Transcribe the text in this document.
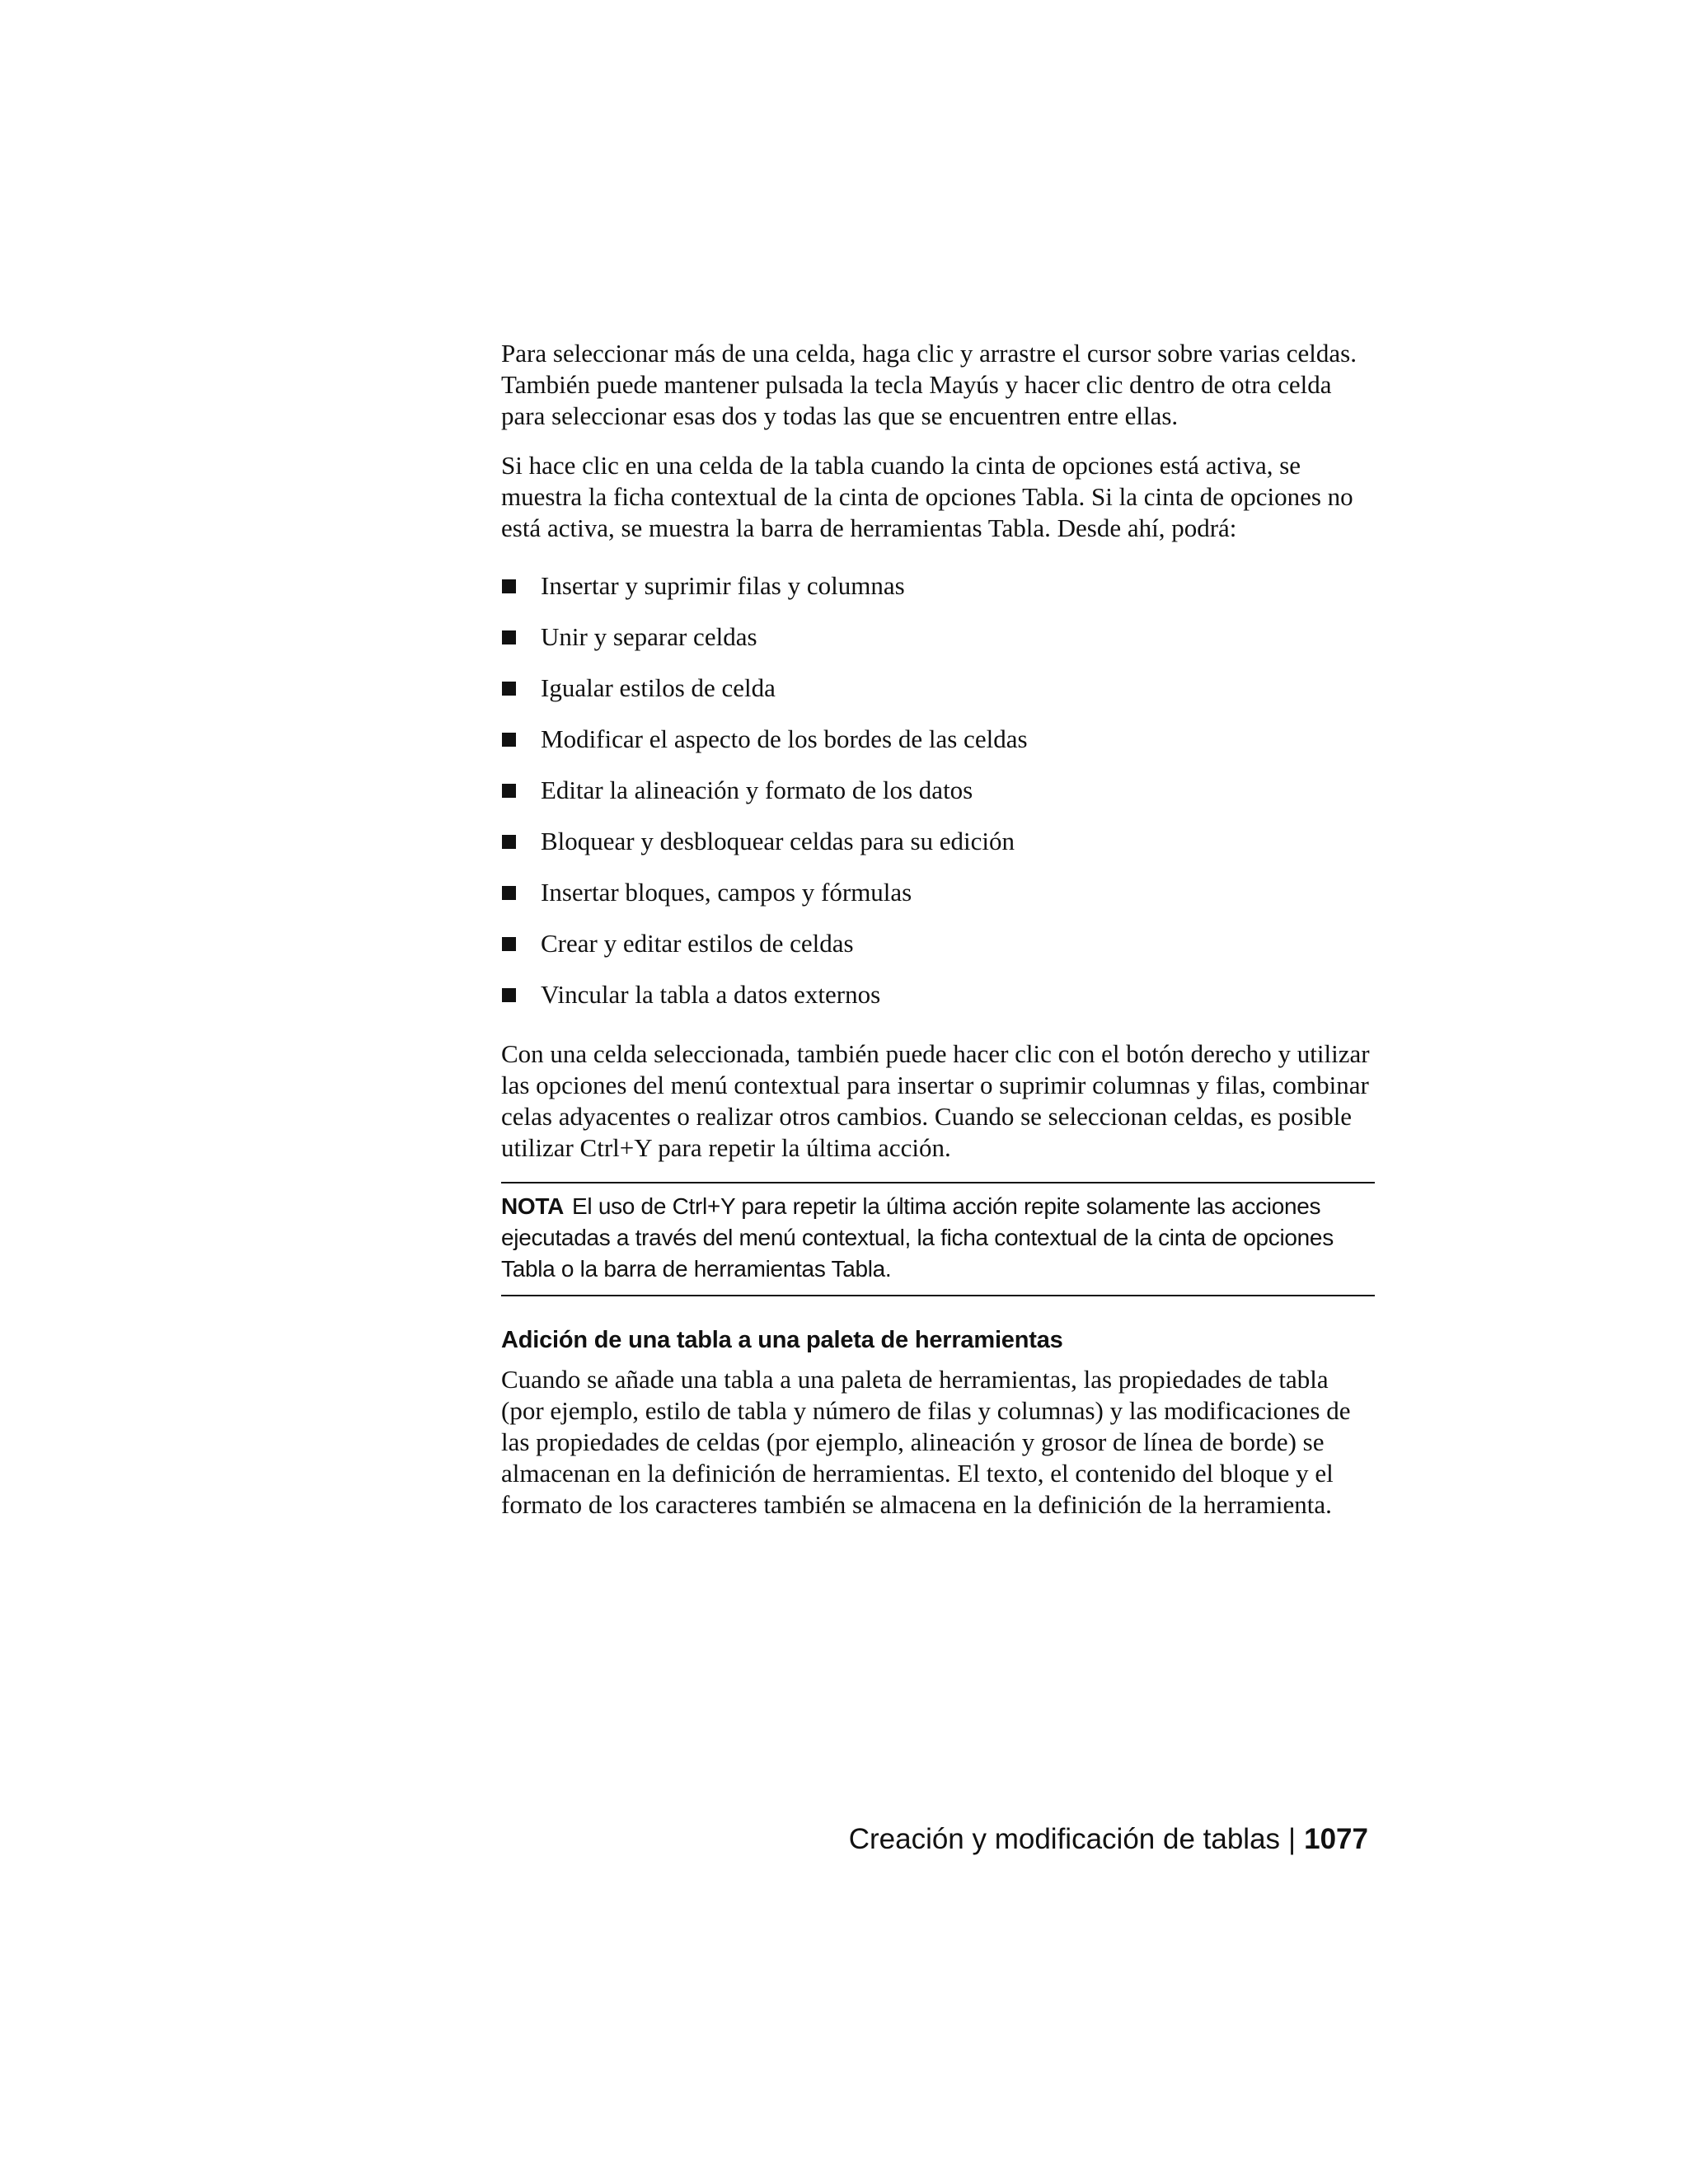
Para seleccionar más de una celda, haga clic y arrastre el cursor sobre varias celdas. También puede mantener pulsada la tecla Mayús y hacer clic dentro de otra celda para seleccionar esas dos y todas las que se encuentren entre ellas.

Si hace clic en una celda de la tabla cuando la cinta de opciones está activa, se muestra la ficha contextual de la cinta de opciones Tabla. Si la cinta de opciones no está activa, se muestra la barra de herramientas Tabla. Desde ahí, podrá:

Insertar y suprimir filas y columnas
Unir y separar celdas
Igualar estilos de celda
Modificar el aspecto de los bordes de las celdas
Editar la alineación y formato de los datos
Bloquear y desbloquear celdas para su edición
Insertar bloques, campos y fórmulas
Crear y editar estilos de celdas
Vincular la tabla a datos externos

Con una celda seleccionada, también puede hacer clic con el botón derecho y utilizar las opciones del menú contextual para insertar o suprimir columnas y filas, combinar celas adyacentes o realizar otros cambios. Cuando se seleccionan celdas, es posible utilizar Ctrl+Y para repetir la última acción.

NOTA El uso de Ctrl+Y para repetir la última acción repite solamente las acciones ejecutadas a través del menú contextual, la ficha contextual de la cinta de opciones Tabla o la barra de herramientas Tabla.
Adición de una tabla a una paleta de herramientas

Cuando se añade una tabla a una paleta de herramientas, las propiedades de tabla (por ejemplo, estilo de tabla y número de filas y columnas) y las modificaciones de las propiedades de celdas (por ejemplo, alineación y grosor de línea de borde) se almacenan en la definición de herramientas. El texto, el contenido del bloque y el formato de los caracteres también se almacena en la definición de la herramienta.

Creación y modificación de tablas | 1077
